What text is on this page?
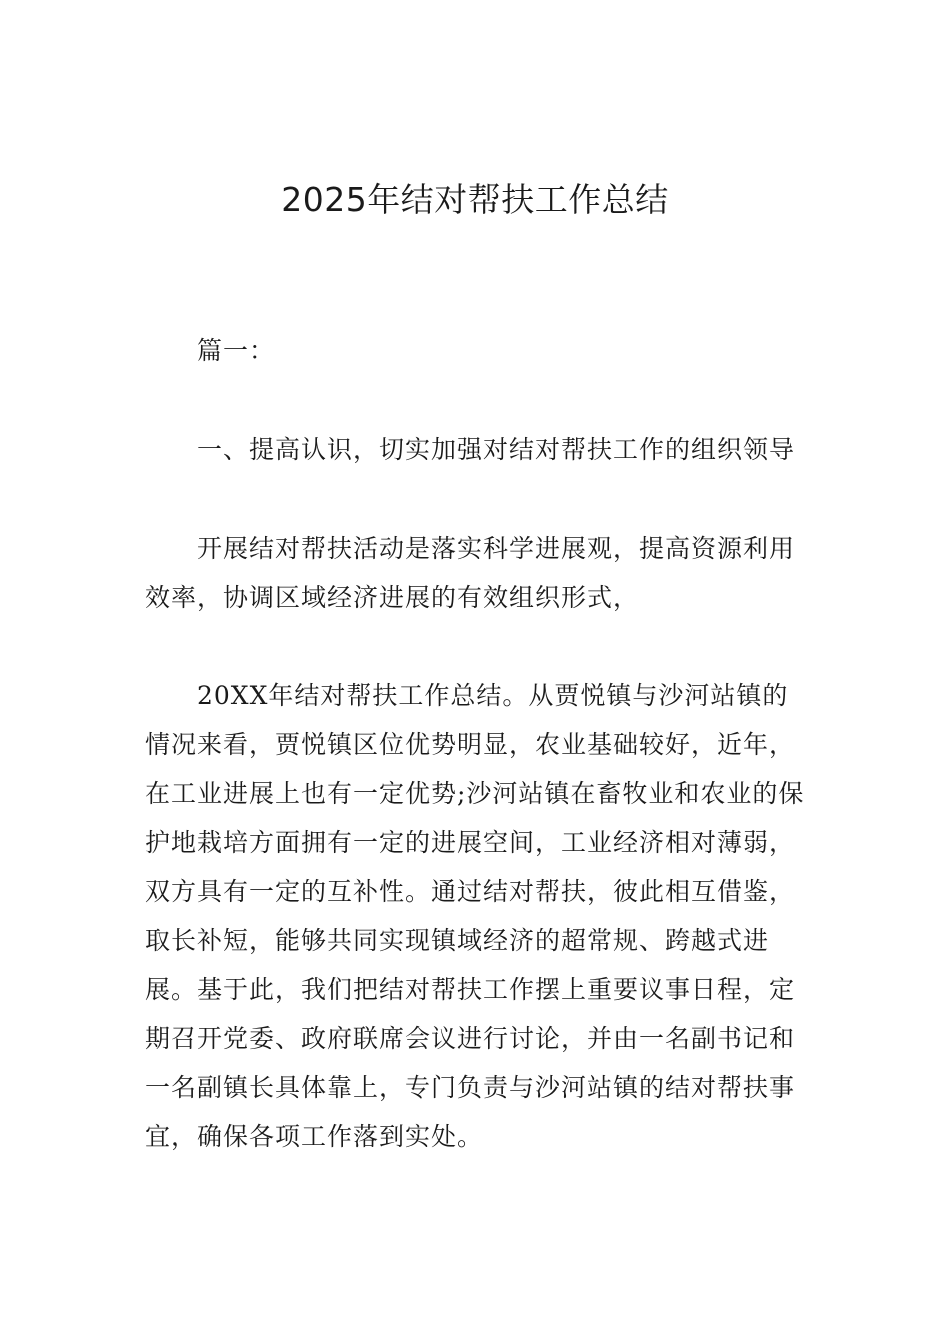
2025年结对帮扶工作总结

篇一：

一、提高认识，切实加强对结对帮扶工作的组织领导

开展结对帮扶活动是落实科学进展观，提高资源利用效率，协调区域经济进展的有效组织形式，

20XX年结对帮扶工作总结。从贾悦镇与沙河站镇的情况来看，贾悦镇区位优势明显，农业基础较好，近年，在工业进展上也有一定优势;沙河站镇在畜牧业和农业的保护地栽培方面拥有一定的进展空间，工业经济相对薄弱，双方具有一定的互补性。通过结对帮扶，彼此相互借鉴，取长补短，能够共同实现镇域经济的超常规、跨越式进展。基于此，我们把结对帮扶工作摆上重要议事日程，定期召开党委、政府联席会议进行讨论，并由一名副书记和一名副镇长具体靠上，专门负责与沙河站镇的结对帮扶事宜，确保各项工作落到实处。
